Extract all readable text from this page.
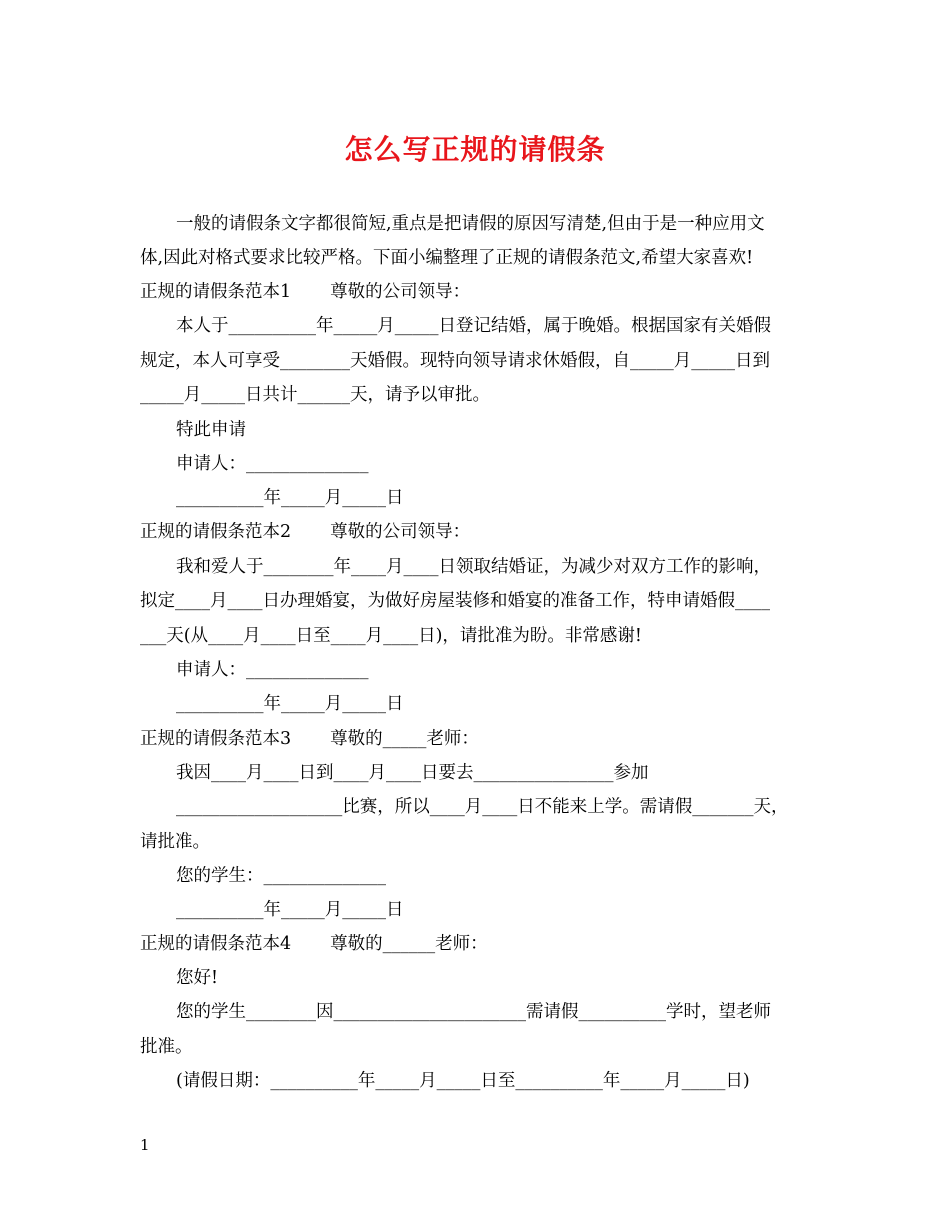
怎么写正规的请假条
一般的请假条文字都很简短,重点是把请假的原因写清楚,但由于是一种应用文
体,因此对格式要求比较严格。下面小编整理了正规的请假条范文,希望大家喜欢!
正规的请假条范本1       尊敬的公司领导：
本人于__________年_____月_____日登记结婚，属于晚婚。根据国家有关婚假
规定，本人可享受________天婚假。现特向领导请求休婚假，自_____月_____日到
_____月_____日共计______天，请予以审批。
特此申请
申请人：______________
__________年_____月_____日
正规的请假条范本2       尊敬的公司领导：
我和爱人于________年____月____日领取结婚证，为减少对双方工作的影响，
拟定____月____日办理婚宴，为做好房屋装修和婚宴的准备工作，特申请婚假____
___天(从____月____日至____月____日)，请批准为盼。非常感谢!
申请人：______________
__________年_____月_____日
正规的请假条范本3       尊敬的_____老师：
我因____月____日到____月____日要去________________参加
___________________比赛，所以____月____日不能来上学。需请假_______天，
请批准。
您的学生：______________
__________年_____月_____日
正规的请假条范本4       尊敬的______老师：
您好!
您的学生________因______________________需请假__________学时，望老师
批准。
(请假日期：__________年_____月_____日至__________年_____月_____日)
1
